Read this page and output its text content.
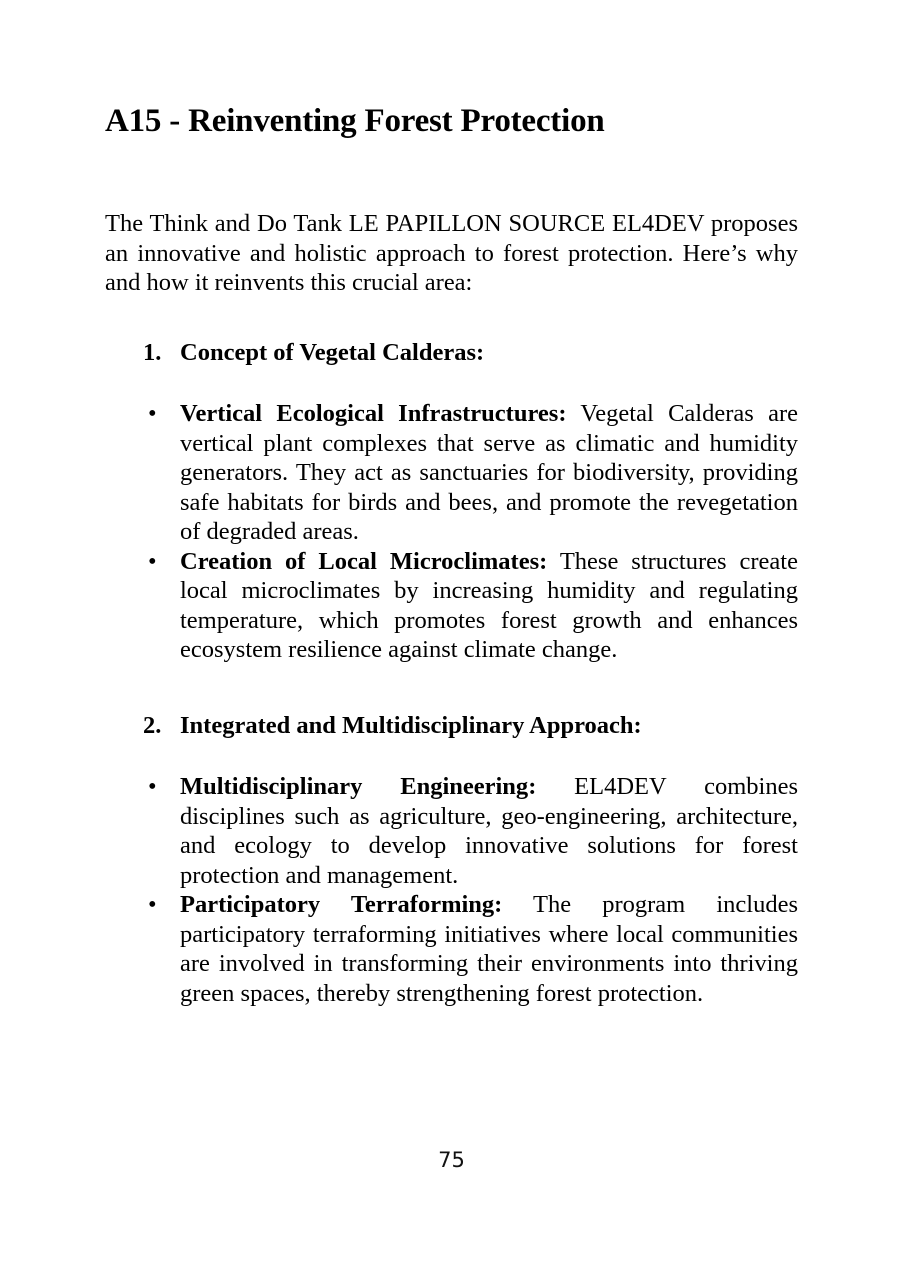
A15 - Reinventing Forest Protection

The Think and Do Tank LE PAPILLON SOURCE EL4DEV proposes an innovative and holistic approach to forest protection. Here’s why and how it reinvents this crucial area:

1. Concept of Vegetal Calderas:
• Vertical Ecological Infrastructures: Vegetal Calderas are vertical plant complexes that serve as climatic and humidity generators. They act as sanctuaries for biodiversity, providing safe habitats for birds and bees, and promote the revegetation of degraded areas.
• Creation of Local Microclimates: These structures create local microclimates by increasing humidity and regulating temperature, which promotes forest growth and enhances ecosystem resilience against climate change.
2. Integrated and Multidisciplinary Approach:
• Multidisciplinary Engineering: EL4DEV combines disciplines such as agriculture, geo-engineering, architecture, and ecology to develop innovative solutions for forest protection and management.
• Participatory Terraforming: The program includes participatory terraforming initiatives where local communities are involved in transforming their environments into thriving green spaces, thereby strengthening forest protection.
75
